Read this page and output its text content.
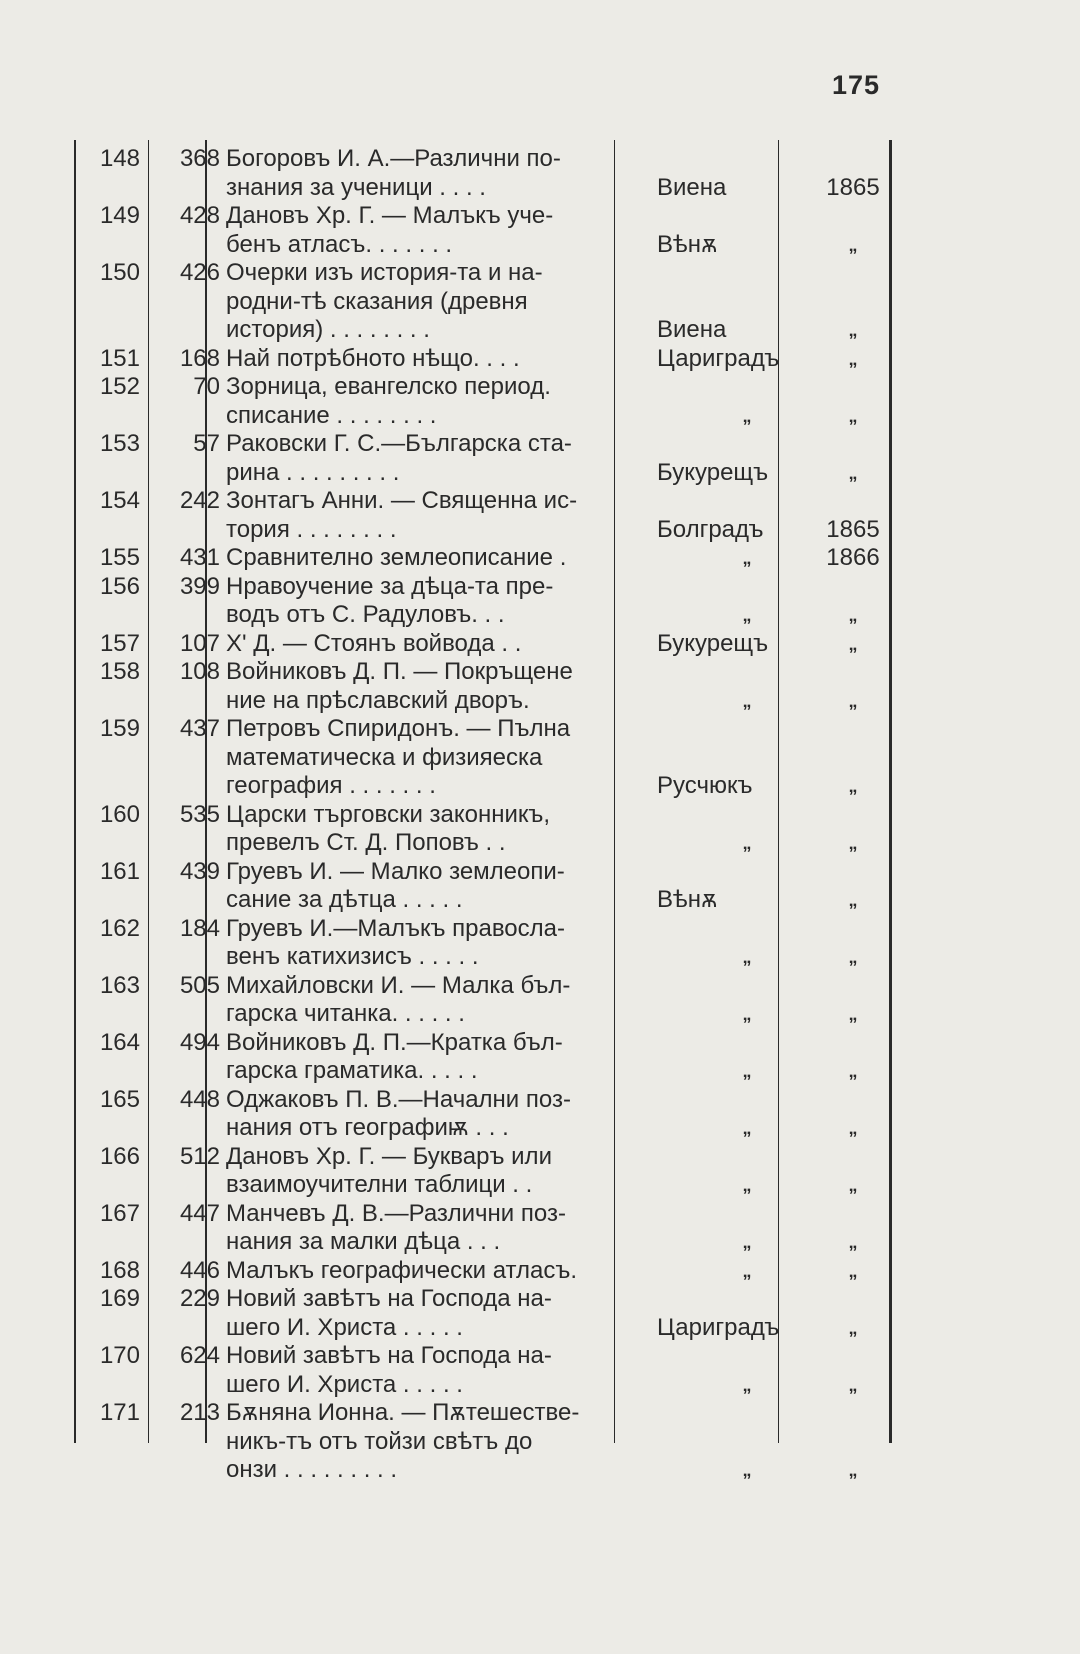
175
148	368 Богоровъ И. А.—Различни по-
знания за ученици . . . .	Виена	1865
149	428 Дановъ Хр. Г. — Малъкъ уче-
бенъ атласъ. . . . . . .	Вѣнѫ	„
150	426 Очерки изъ история-та и на-
родни-тѣ сказания (древня
история) . . . . . . . .	Виена	„
151	168 Най потрѣбното нѣщо. . . .	Цариградъ	„
152	70 Зорница, евангелско период.
списание . . . . . . . .	„	„
153	57 Раковски Г. С.—Българска ста-
рина . . . . . . . . .	Букурещъ	„
154	242 Зонтагъ Анни. — Священна ис-
тория . . . . . . . .	Болградъ	1865
155	431 Сравнително землеописание .	„	1866
156	399 Нравоучение за дѣца-та пре-
водъ отъ С. Радуловъ. . .	„	„
157	107 Х' Д. — Стоянъ войвода . .	Букурещъ	„
158	108 Войниковъ Д. П. — Покръщене
ние на прѣславский дворъ.	„	„
159	437 Петровъ Спиридонъ. — Пълна
математическа и физияеска
география . . . . . . .	Русчюкъ	„
160	535 Царски търговски законникъ,
превелъ Ст. Д. Поповъ . .	„	„
161	439 Груевъ И. — Малко землеопи-
сание за дѣтца . . . . .	Вѣнѫ	„
162	184 Груевъ И.—Малъкъ правосла-
венъ катихизисъ . . . . .	„	„
163	505 Михайловски И. — Малка бъл-
гарска читанка. . . . . .	„	„
164	494 Войниковъ Д. П.—Кратка бъл-
гарска граматика. . . . .	„	„
165	448 Оджаковъ П. В.—Начални поз-
нания отъ географиѭ . . .	„	„
166	512 Дановъ Хр. Г. — Букваръ или
взаимоучителни таблици . .	„	„
167	447 Манчевъ Д. В.—Различни поз-
нания за малки дѣца . . .	„	„
168	446 Малъкъ географически атласъ.	„	„
169	229 Новий завѣтъ на Господа на-
шего И. Христа . . . . .	Цариградъ	„
170	624 Новий завѣтъ на Господа на-
шего И. Христа . . . . .	„	„
171	213 Бѫняна Ионна. — Пѫтешестве-
никъ-тъ отъ тойзи свѣтъ до
онзи . . . . . . . . .	„	„
